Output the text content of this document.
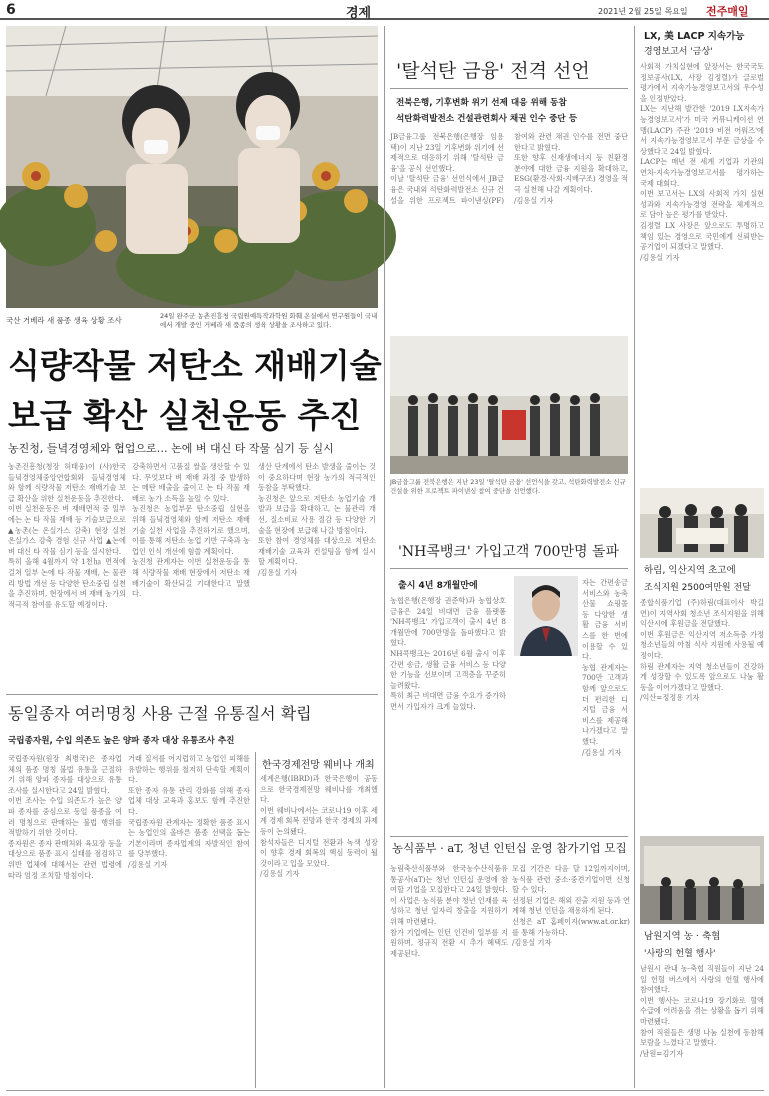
6	경제	2021년 2월 25일 목요일 전주매일
국산 거베라 새 품종 생육 상황 조사	24일 완주군 농촌진흥청 국립원예특작과학원 화훼 온실에서 연구원들이 국내에서 개발 중인 거베라 새 품종의 생육 상황을 조사하고 있다.
식량작물 저탄소 재배기술
보급 확산 실천운동 추진
농진청, 들녘경영체와 협업으로… 논에 벼 대신 타 작물 심기 등 실시
농촌진흥청(청장 허태웅)이 (사)한국들녘경영체중앙연합회와 들녘경영체와 함께 식량작물 저탄소 재배기술 보급 확산을 위한 실천운동을 추진한다.
이번 실천운동은 벼 재배면적 중 일부에는 논 타 작물 재배 등 기술보급으로 ▲농촌(논 온실가스 감축) 현장 실천 온실가스 감축 경험 신규 사업 ▲논에 벼 대신 타 작물 심기 등을 실시한다.
특히 올해 4월까지 약 1천㏊ 면적에 걸쳐 일부 논에 타 작물 재배, 논 물관리 방법 개선 등 다양한 탄소중립 실천을 추진하며, 현장에서 벼 재배 농가의 적극적 참여를 유도할 예정이다.
강축하면서 고품질 쌀을 생산할 수 있다. 무엇보다 벼 재배 과정 중 발생하는 메탄 배출을 줄이고 논 타 작물 재배로 농가 소득을 높일 수 있다.
농진청은 농업부문 탄소중립 실현을 위해 들녘경영체와 함께 저탄소 재배기술 실천 사업을 추진하기로 했으며, 이를 통해 저탄소 농업 기반 구축과 농업인 인식 개선에 힘쓸 계획이다.
농진청 관계자는 이번 실천운동을 통해 식량작물 재배 현장에서 저탄소 재배기술이 확산되길 기대한다고 말했다.
생산 단계에서 탄소 발생을 줄이는 것이 중요하다며 현장 농가의 적극적인 동참을 부탁했다.
농진청은 앞으로 저탄소 농업기술 개발과 보급을 확대하고, 논 물관리 개선, 질소비료 사용 절감 등 다양한 기술을 현장에 보급해 나갈 방침이다.
또한 참여 경영체를 대상으로 저탄소 재배기술 교육과 컨설팅을 함께 실시할 계획이다.
/김용실 기자
'탈석탄 금융' 전격 선언
전북은행, 기후변화 위기 선제 대응 위해 동참
석탄화력발전소 건설관련회사 채권 인수 중단 등
JB금융그룹 전북은행(은행장 임용택)이 지난 23일 기후변화 위기에 선제적으로 대응하기 위해 '탈석탄 금융'을 공식 선언했다.
이날 '탈석탄 금융' 선언식에서 JB금융은 국내외 석탄화력발전소 신규 건설을 위한 프로젝트 파이낸싱(PF) 참여와 관련 채권 인수를 전면 중단한다고 밝혔다.
또한 향후 신재생에너지 등 친환경 분야에 대한 금융 지원을 확대하고, ESG(환경·사회·지배구조) 경영을 적극 실천해 나갈 계획이다.
/김용실 기자
JB금융그룹 전북은행은 지난 23일 '탈석탄 금융' 선언식을 갖고, 석탄화력발전소 신규 건설을 위한 프로젝트 파이낸싱 참여 중단을 선언했다.
LX, 美 LACP 지속가능
경영보고서 '금상'
사회적 가치실현에 앞장서는 한국국토정보공사(LX, 사장 김정렬)가 글로벌 평가에서 지속가능경영보고서의 우수성을 인정받았다.
LX는 지난해 발간한 '2019 LX지속가능경영보고서'가 미국 커뮤니케이션 연맹(LACP) 주관 '2019 비전 어워즈'에서 지속가능경영보고서 부문 금상을 수상했다고 24일 밝혔다.
LACP는 매년 전 세계 기업과 기관의 연차·지속가능경영보고서를 평가하는 국제 대회다.
이번 보고서는 LX의 사회적 가치 실현 성과와 지속가능경영 전략을 체계적으로 담아 높은 평가를 받았다.
김정렬 LX 사장은 앞으로도 투명하고 책임 있는 경영으로 국민에게 신뢰받는 공기업이 되겠다고 말했다.
/김용실 기자
하림, 익산지역 초고에
조식지원 2500여만원 전달
종합식품기업 (주)하림(대표이사 박길연)이 지역사회 청소년 조식지원을 위해 익산시에 후원금을 전달했다.
이번 후원금은 익산지역 저소득층 가정 청소년들의 아침 식사 지원에 사용될 예정이다.
하림 관계자는 지역 청소년들이 건강하게 성장할 수 있도록 앞으로도 나눔 활동을 이어가겠다고 말했다.
/익산=정정용 기자
남원지역 농 · 축협
'사랑의 헌혈 행사'
남원시 관내 농·축협 직원들이 지난 24일 헌혈 버스에서 사랑의 헌혈 행사에 참여했다.
이번 행사는 코로나19 장기화로 혈액 수급에 어려움을 겪는 상황을 돕기 위해 마련됐다.
참여 직원들은 생명 나눔 실천에 동참해 보람을 느꼈다고 말했다.
/남원=김기자
'NH콕뱅크' 가입고객 700만명 돌파
출시 4년 8개월만에
농협은행(은행장 권준학)과 농협상호금융은 24일 비대면 금융 플랫폼 'NH콕뱅크' 가입고객이 출시 4년 8개월만에 700만명을 돌파했다고 밝혔다.
NH콕뱅크는 2016년 6월 출시 이후 간편 송금, 생활 금융 서비스 등 다양한 기능을 선보이며 고객층을 꾸준히 늘려왔다.
특히 최근 비대면 금융 수요가 증가하면서 가입자가 크게 늘었다.
자는 간편송금 서비스와 농축산물 쇼핑몰 등 다양한 생활 금융 서비스를 한 번에 이용할 수 있다.
농협 관계자는 700만 고객과 함께 앞으로도 더 편리한 디지털 금융 서비스를 제공해 나가겠다고 말했다.
/김용실 기자
동일종자 여러명칭 사용 근절 유통질서 확립
국립종자원, 수입 의존도 높은 양파 종자 대상 유통조사 추진
국립종자원(원장 최병국)은 종자업체의 품종 명칭 불법 유통을 근절하기 위해 양파 종자를 대상으로 유통조사를 실시한다고 24일 밝혔다.
이번 조사는 수입 의존도가 높은 양파 종자를 중심으로 동일 품종을 여러 명칭으로 판매하는 불법 행위를 적발하기 위한 것이다.
종자원은 종자 판매처와 육묘장 등을 대상으로 품종 표시 실태를 점검하고 위반 업체에 대해서는 관련 법령에 따라 엄정 조치할 방침이다.
거래 질서를 어지럽히고 농업인 피해를 유발하는 행위를 철저히 단속할 계획이다.
또한 종자 유통 관리 강화를 위해 종자업체 대상 교육과 홍보도 함께 추진한다.
국립종자원 관계자는 정확한 품종 표시는 농업인의 올바른 품종 선택을 돕는 기본이라며 종자업계의 자발적인 참여를 당부했다.
/김용실 기자
한국경제전망 웨비나 개최
세계은행(IBRD)과 한국은행이 공동으로 한국경제전망 웨비나를 개최했다.
이번 웨비나에서는 코로나19 이후 세계 경제 회복 전망과 한국 경제의 과제 등이 논의됐다.
참석자들은 디지털 전환과 녹색 성장이 향후 경제 회복의 핵심 동력이 될 것이라고 입을 모았다.
/김용실 기자
농식품부 · aT, 청년 인턴십 운영 참가기업 모집
농림축산식품부와 한국농수산식품유통공사(aT)는 청년 인턴십 운영에 참여할 기업을 모집한다고 24일 밝혔다.
이 사업은 농식품 분야 청년 인재를 육성하고 청년 일자리 창출을 지원하기 위해 마련됐다.
참가 기업에는 인턴 인건비 일부를 지원하며, 정규직 전환 시 추가 혜택도 제공된다.
모집 기간은 다음 달 12일까지이며, 농식품 관련 중소·중견기업이면 신청할 수 있다.
선정된 기업은 해외 진출 지원 등과 연계해 청년 인턴을 채용하게 된다.
신청은 aT 홈페이지(www.at.or.kr)를 통해 가능하다.
/김용실 기자
